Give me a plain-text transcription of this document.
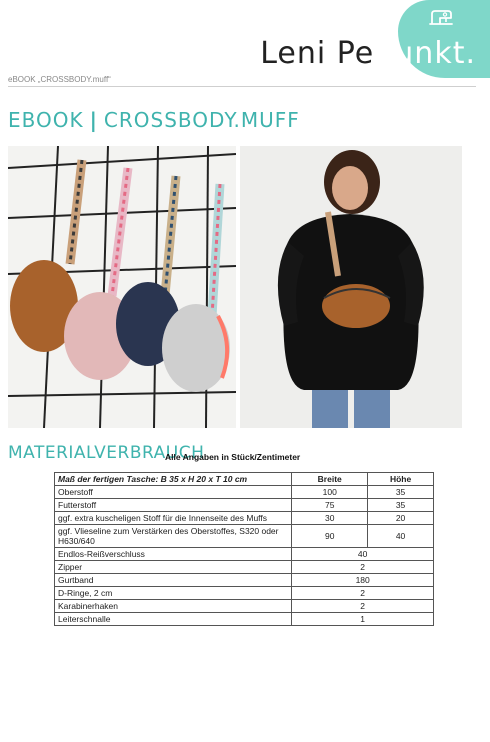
Leni Pepunkt.
eBOOK „CROSSBODY.muff“
EBOOK | CROSSBODY.MUFF
MATERIALVERBRAUCH
Alle Angaben in Stück/Zentimeter
Maß der fertigen Tasche: B 35 x H 20 x T 10 cm	Breite	Höhe
Oberstoff	100	35
Futterstoff	75	35
ggf. extra kuscheligen Stoff für die Innenseite des Muffs	30	20
ggf. Vlieseline zum Verstärken des Oberstoffes, S320 oder H630/640	90	40
Endlos-Reißverschluss	40	
Zipper	2	
Gurtband	180	
D-Ringe, 2 cm	2	
Karabinerhaken	2	
Leiterschnalle	1	
